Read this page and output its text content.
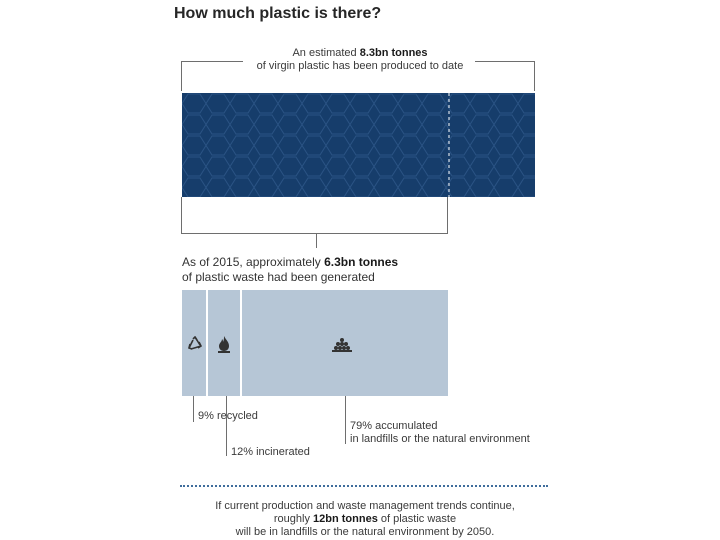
How much plastic is there?
An estimated 8.3bn tonnes
of virgin plastic has been produced to date
As of 2015, approximately 6.3bn tonnes
of plastic waste had been generated
9% recycled
12% incinerated
79% accumulated
in landfills or the natural environment
If current production and waste management trends continue,
roughly 12bn tonnes of plastic waste
will be in landfills or the natural environment by 2050.
